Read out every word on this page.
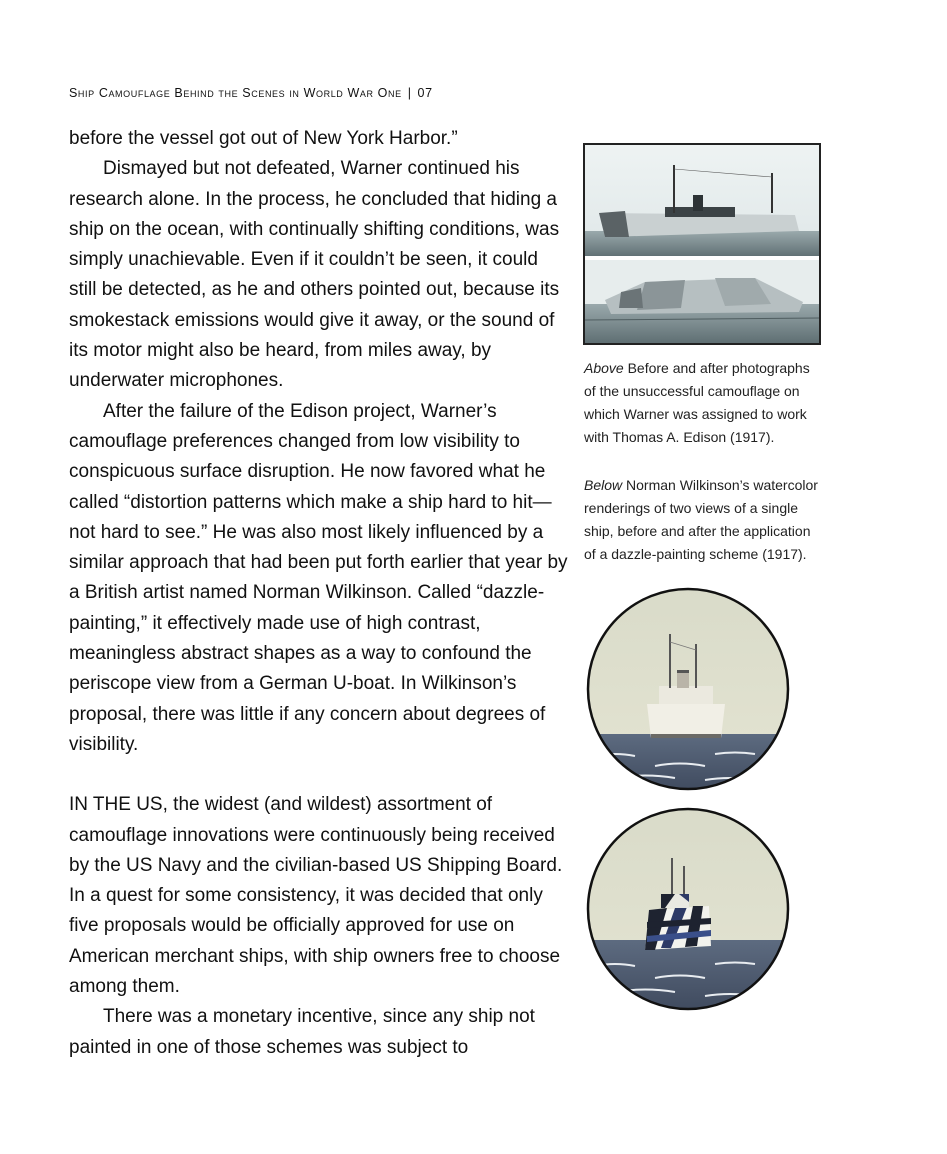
Ship Camouflage Behind the Scenes in World War One | 07

before the vessel got out of New York Harbor.”

Dismayed but not defeated, Warner continued his research alone. In the process, he concluded that hiding a ship on the ocean, with continually shifting conditions, was simply unachievable. Even if it couldn’t be seen, it could still be detected, as he and others pointed out, because its smokestack emissions would give it away, or the sound of its motor might also be heard, from miles away, by underwater microphones.

After the failure of the Edison project, Warner’s camouflage preferences changed from low visibility to conspicuous surface disruption. He now favored what he called “distortion patterns which make a ship hard to hit—not hard to see.” He was also most likely influenced by a similar approach that had been put forth earlier that year by a British artist named Norman Wilkinson. Called “dazzle-painting,” it effectively made use of high contrast, meaningless abstract shapes as a way to confound the periscope view from a German U-boat. In Wilkinson’s proposal, there was little if any concern about degrees of visibility.

IN THE US, the widest (and wildest) assortment of camouflage innovations were continuously being received by the US Navy and the civilian-based US Shipping Board. In a quest for some consistency, it was decided that only five proposals would be officially approved for use on American merchant ships, with ship owners free to choose among them.

There was a monetary incentive, since any ship not painted in one of those schemes was subject to

Above Before and after photographs of the unsuccessful camouflage on which Warner was assigned to work with Thomas A. Edison (1917).
Below Norman Wilkinson’s watercolor renderings of two views of a single ship, before and after the application of a dazzle-painting scheme (1917).
